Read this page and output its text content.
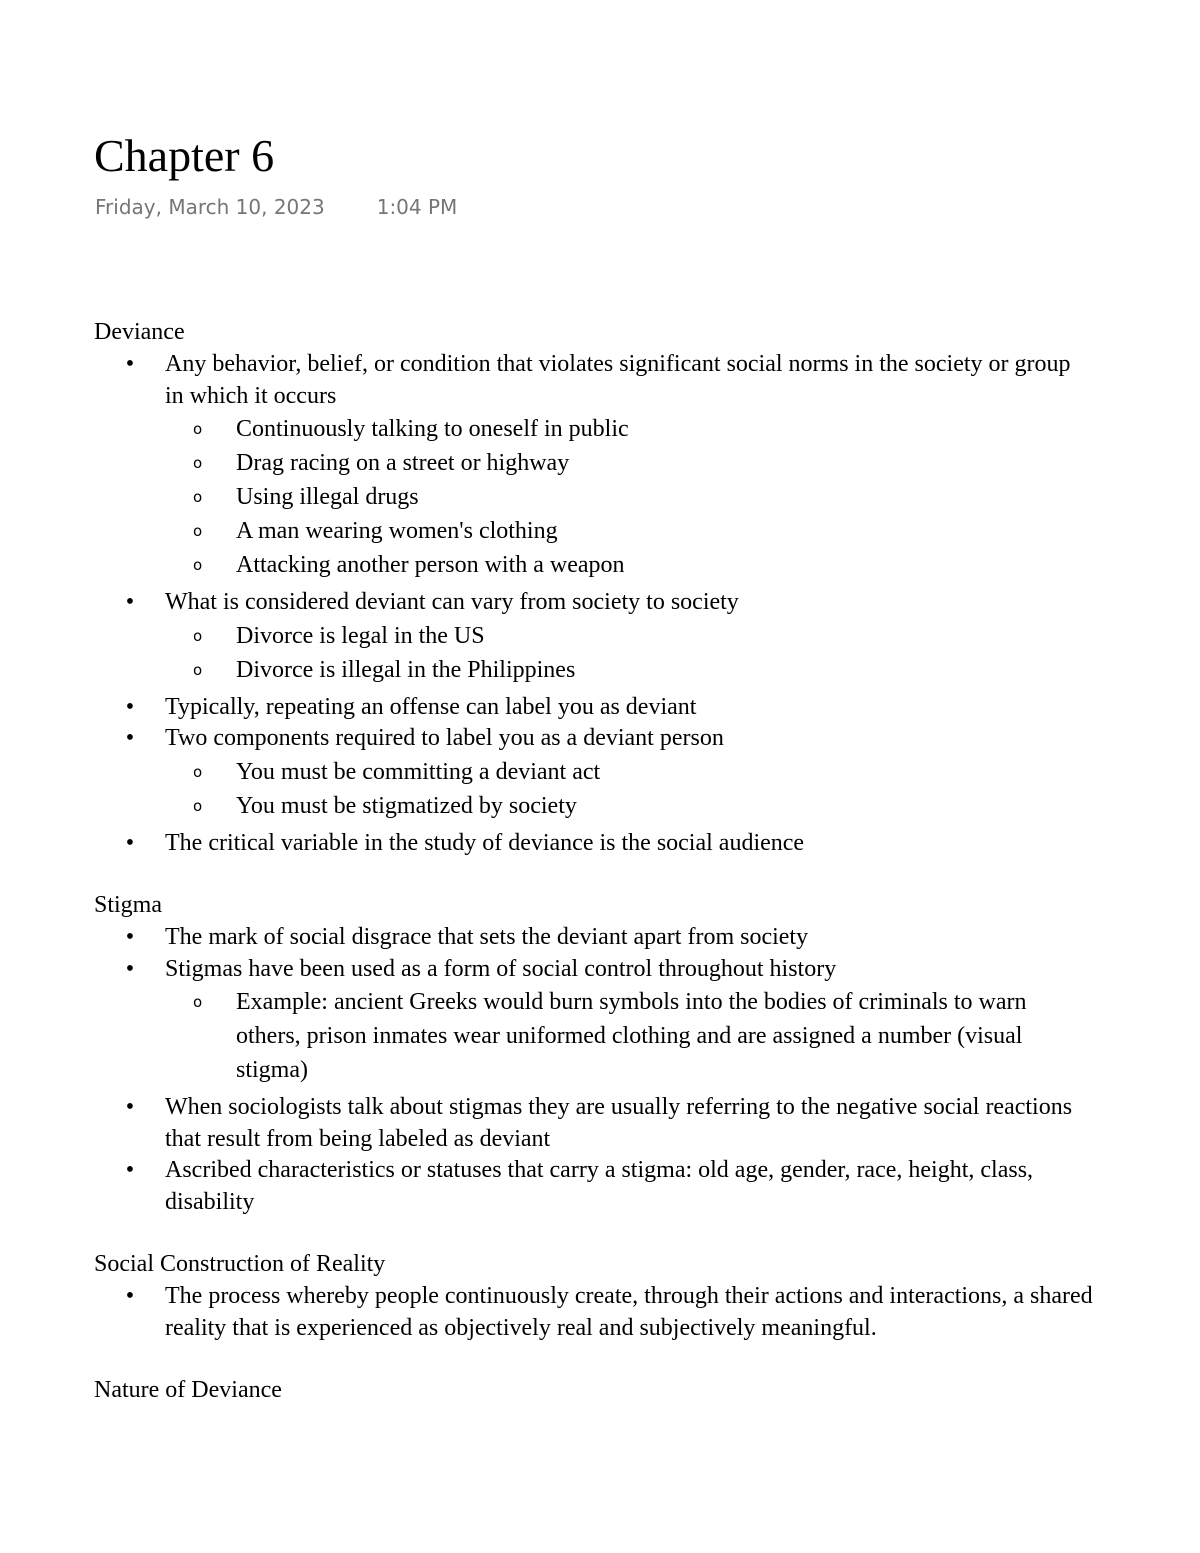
Chapter 6
Friday, March 10, 2023	1:04 PM
Deviance
• Any behavior, belief, or condition that violates significant social norms in the society or group in which it occurs
o Continuously talking to oneself in public
o Drag racing on a street or highway
o Using illegal drugs
o A man wearing women's clothing
o Attacking another person with a weapon
• What is considered deviant can vary from society to society
o Divorce is legal in the US
o Divorce is illegal in the Philippines
• Typically, repeating an offense can label you as deviant
• Two components required to label you as a deviant person
o You must be committing a deviant act
o You must be stigmatized by society
• The critical variable in the study of deviance is the social audience
Stigma
• The mark of social disgrace that sets the deviant apart from society
• Stigmas have been used as a form of social control throughout history
o Example: ancient Greeks would burn symbols into the bodies of criminals to warn others, prison inmates wear uniformed clothing and are assigned a number (visual stigma)
• When sociologists talk about stigmas they are usually referring to the negative social reactions that result from being labeled as deviant
• Ascribed characteristics or statuses that carry a stigma: old age, gender, race, height, class, disability
Social Construction of Reality
• The process whereby people continuously create, through their actions and interactions, a shared reality that is experienced as objectively real and subjectively meaningful.
Nature of Deviance
